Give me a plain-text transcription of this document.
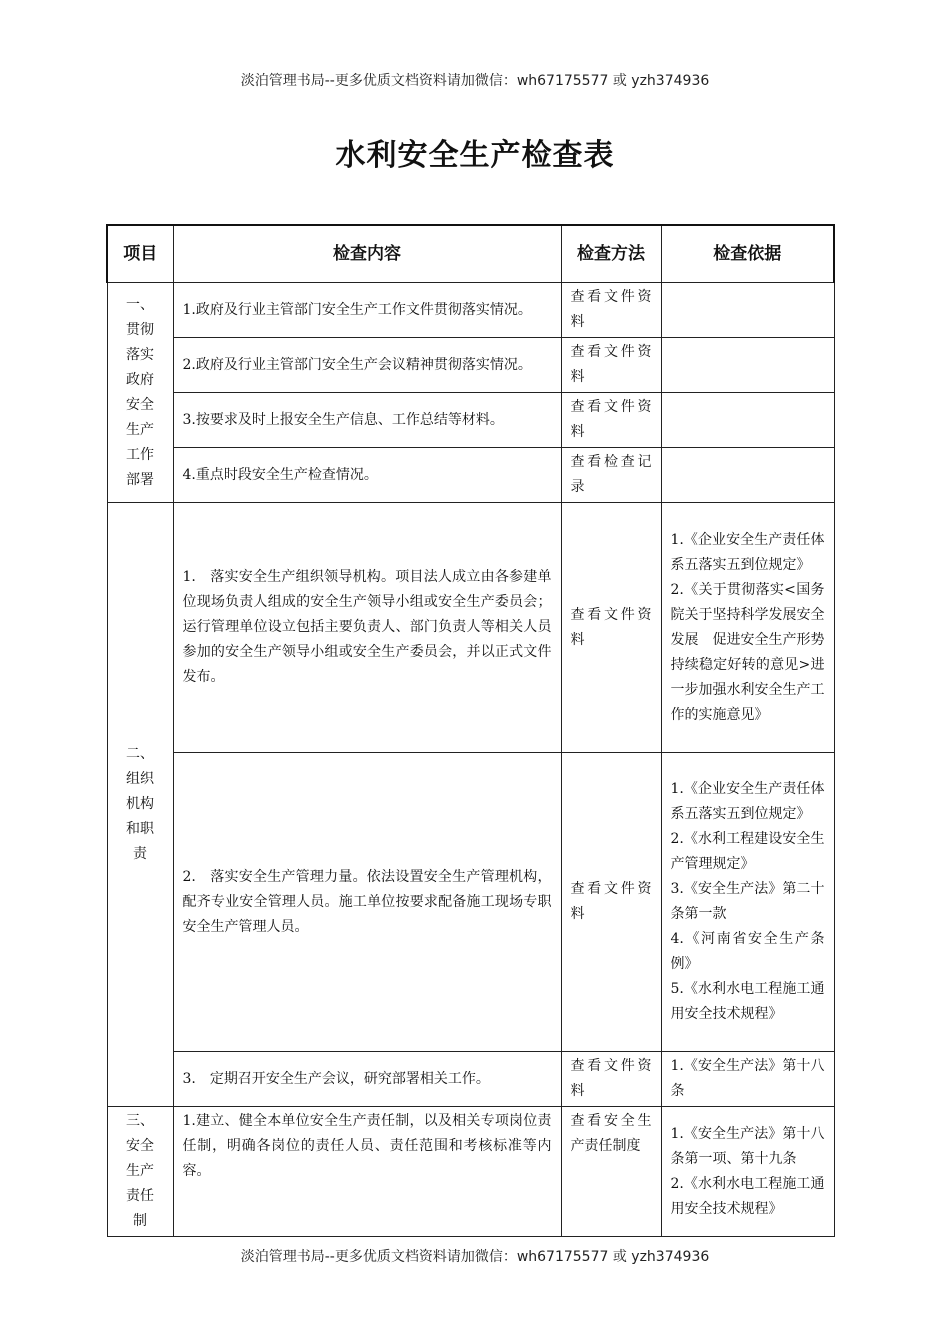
淡泊管理书局--更多优质文档资料请加微信：wh67175577 或 yzh374936
水利安全生产检查表
项目	检查内容	检查方法	检查依据
一、贯彻落实政府安全生产工作部署	1.政府及行业主管部门安全生产工作文件贯彻落实情况。	查看文件资料	
	2.政府及行业主管部门安全生产会议精神贯彻落实情况。	查看文件资料	
	3.按要求及时上报安全生产信息、工作总结等材料。	查看文件资料	
	4.重点时段安全生产检查情况。	查看检查记录	
二、组织机构和职责	1.　落实安全生产组织领导机构。项目法人成立由各参建单位现场负责人组成的安全生产领导小组或安全生产委员会；运行管理单位设立包括主要负责人、部门负责人等相关人员参加的安全生产领导小组或安全生产委员会，并以正式文件发布。	查看文件资料	1.《企业安全生产责任体系五落实五到位规定》
2.《关于贯彻落实<国务院关于坚持科学发展安全发展　促进安全生产形势持续稳定好转的意见>进一步加强水利安全生产工作的实施意见》

	2.　落实安全生产管理力量。依法设置安全生产管理机构，配齐专业安全管理人员。施工单位按要求配备施工现场专职安全生产管理人员。	查看文件资料	1.《企业安全生产责任体系五落实五到位规定》
2.《水利工程建设安全生产管理规定》
3.《安全生产法》第二十条第一款
4.《河南省安全生产条例》
5.《水利水电工程施工通用安全技术规程》

	3.　定期召开安全生产会议，研究部署相关工作。	查看文件资料	1.《安全生产法》第十八条

三、安全生产责任制	1.建立、健全本单位安全生产责任制，以及相关专项岗位责任制，明确各岗位的责任人员、责任范围和考核标准等内容。	查看安全生产责任制度	1.《安全生产法》第十八条第一项、第十九条
2.《水利水电工程施工通用安全技术规程》
淡泊管理书局--更多优质文档资料请加微信：wh67175577 或 yzh374936
